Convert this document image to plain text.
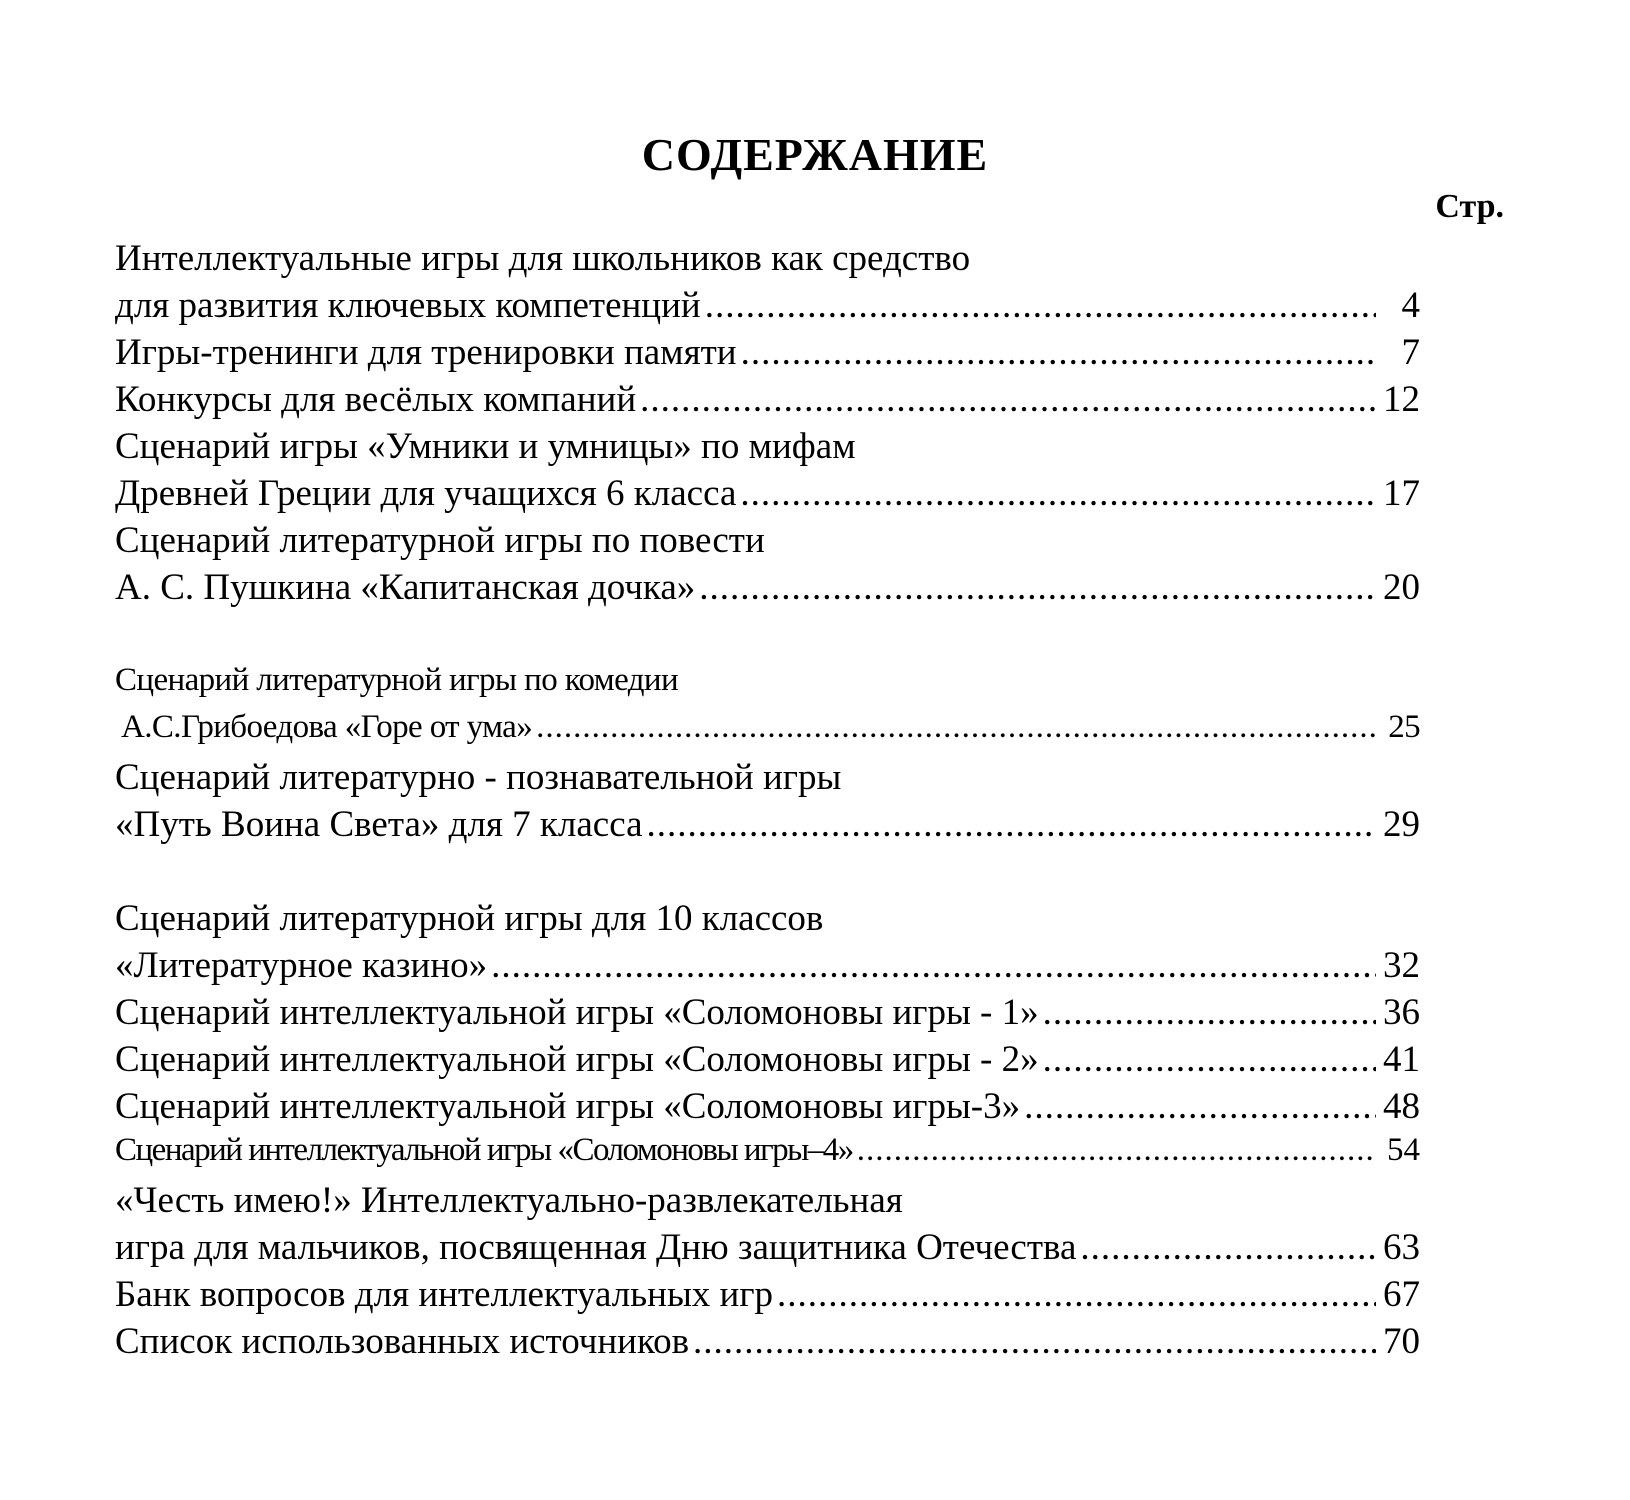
СОДЕРЖАНИЕ
Стр.
Интеллектуальные игры для школьников как средство
для развития ключевых компетенций .....	4
Игры-тренинги для тренировки памяти .....	7
Конкурсы для весёлых компаний .....	12
Сценарий игры «Умники и умницы» по мифам
Древней Греции для учащихся 6 класса .....	17
Сценарий литературной игры по повести
А. С. Пушкина «Капитанская дочка» .....	20
Сценарий литературной игры по комедии
А.С.Грибоедова «Горе от ума» .....	25
Сценарий литературно - познавательной игры
«Путь Воина Света» для 7 класса .....	29
Сценарий литературной игры для 10 классов
«Литературное казино» .....	32
Сценарий интеллектуальной игры «Соломоновы игры - 1» .....	36
Сценарий интеллектуальной игры «Соломоновы игры - 2» .....	41
Сценарий интеллектуальной игры «Соломоновы игры-3» .....	48
Сценарий интеллектуальной игры «Соломоновы игры–4» .....	54
«Честь имею!» Интеллектуально-развлекательная
игра для мальчиков, посвященная Дню защитника Отечества .....	63
Банк вопросов для интеллектуальных игр .....	67
Список использованных источников .....	70
